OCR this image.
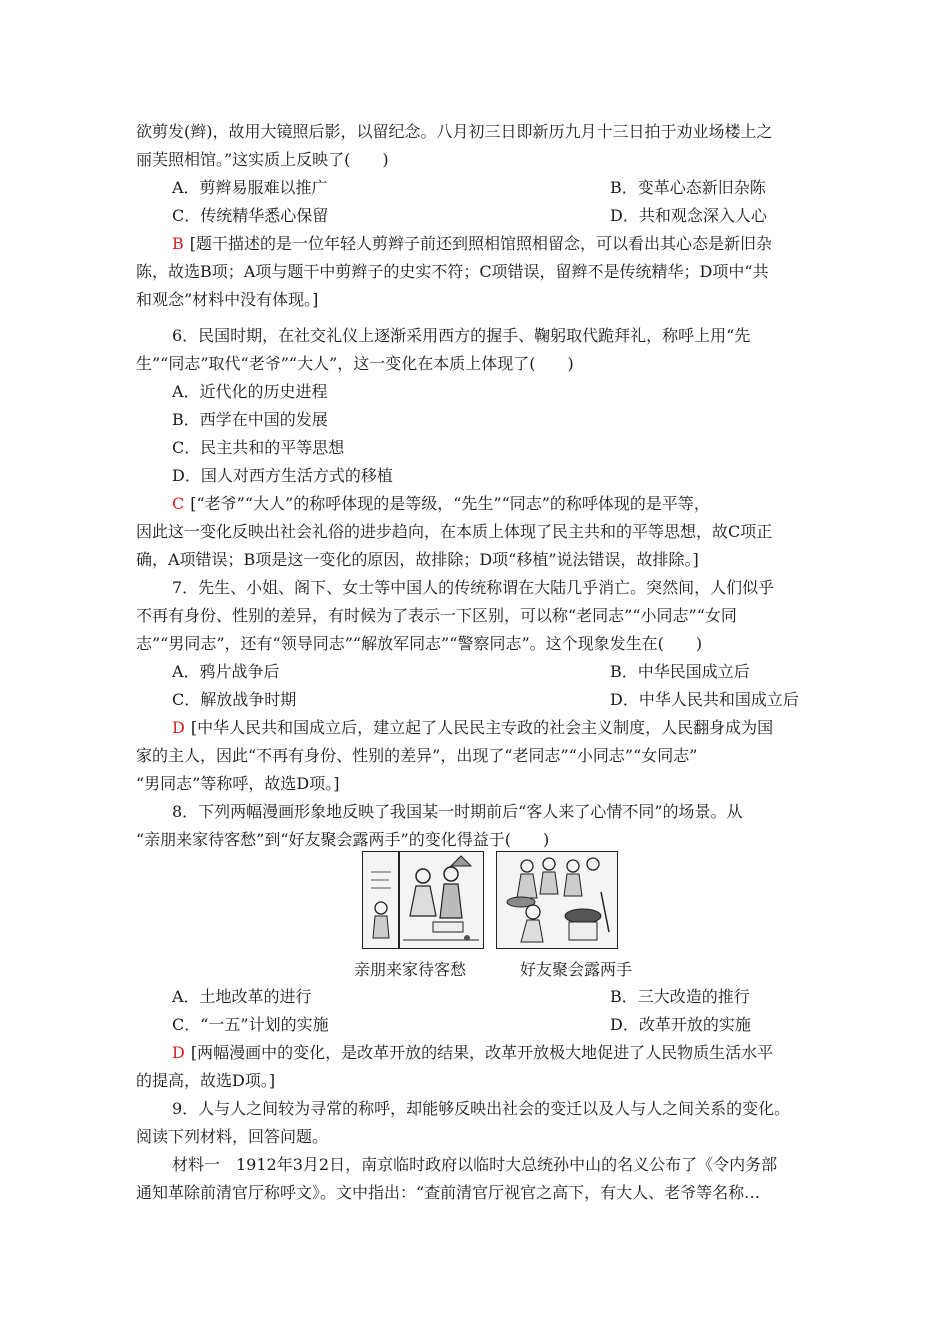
欲剪发(辫)，故用大镜照后影，以留纪念。八月初三日即新历九月十三日拍于劝业场楼上之
丽芙照相馆。”这实质上反映了(　　)
A．剪辫易服难以推广	B．变革心态新旧杂陈
C．传统精华悉心保留	D．共和观念深入人心
B [题干描述的是一位年轻人剪辫子前还到照相馆照相留念，可以看出其心态是新旧杂
陈，故选B项；A项与题干中剪辫子的史实不符；C项错误，留辫不是传统精华；D项中“共
和观念”材料中没有体现。]
6．民国时期，在社交礼仪上逐渐采用西方的握手、鞠躬取代跪拜礼，称呼上用“先
生”“同志”取代“老爷”“大人”，这一变化在本质上体现了(　　)
A．近代化的历史进程
B．西学在中国的发展
C．民主共和的平等思想
D．国人对西方生活方式的移植
C [“老爷”“大人”的称呼体现的是等级，“先生”“同志”的称呼体现的是平等，
因此这一变化反映出社会礼俗的进步趋向，在本质上体现了民主共和的平等思想，故C项正
确，A项错误；B项是这一变化的原因，故排除；D项“移植”说法错误，故排除。]
7．先生、小姐、阁下、女士等中国人的传统称谓在大陆几乎消亡。突然间，人们似乎
不再有身份、性别的差异，有时候为了表示一下区别，可以称“老同志”“小同志”“女同
志”“男同志”，还有“领导同志”“解放军同志”“警察同志”。这个现象发生在(　　)
A．鸦片战争后	B．中华民国成立后
C．解放战争时期	D．中华人民共和国成立后
D [中华人民共和国成立后，建立起了人民民主专政的社会主义制度，人民翻身成为国
家的主人，因此“不再有身份、性别的差异”，出现了“老同志”“小同志”“女同志”
“男同志”等称呼，故选D项。]
8．下列两幅漫画形象地反映了我国某一时期前后“客人来了心情不同”的场景。从
“亲朋来家待客愁”到“好友聚会露两手”的变化得益于(　　)
亲朋来家待客愁	好友聚会露两手
A．土地改革的进行	B．三大改造的推行
C．“一五”计划的实施	D．改革开放的实施
D [两幅漫画中的变化，是改革开放的结果，改革开放极大地促进了人民物质生活水平
的提高，故选D项。]
9．人与人之间较为寻常的称呼，却能够反映出社会的变迁以及人与人之间关系的变化。
阅读下列材料，回答问题。
材料一　1912年3月2日，南京临时政府以临时大总统孙中山的名义公布了《令内务部
通知革除前清官厅称呼文》。文中指出：“查前清官厅视官之高下，有大人、老爷等名称…
